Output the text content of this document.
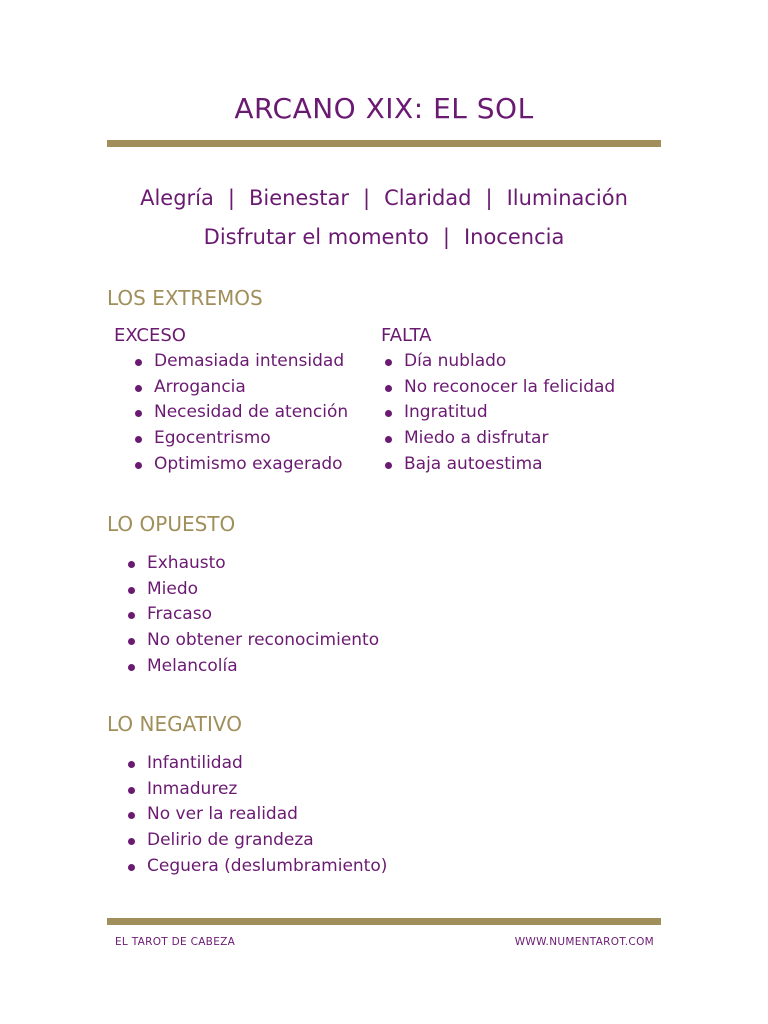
ARCANO XIX: EL SOL
Alegría | Bienestar | Claridad | Iluminación
Disfrutar el momento | Inocencia
LOS EXTREMOS
EXCESO
Demasiada intensidad
Arrogancia
Necesidad de atención
Egocentrismo
Optimismo exagerado
FALTA
Día nublado
No reconocer la felicidad
Ingratitud
Miedo a disfrutar
Baja autoestima
LO OPUESTO
Exhausto
Miedo
Fracaso
No obtener reconocimiento
Melancolía
LO NEGATIVO
Infantilidad
Inmadurez
No ver la realidad
Delirio de grandeza
Ceguera (deslumbramiento)
EL TAROT DE CABEZA	WWW.NUMENTAROT.COM
